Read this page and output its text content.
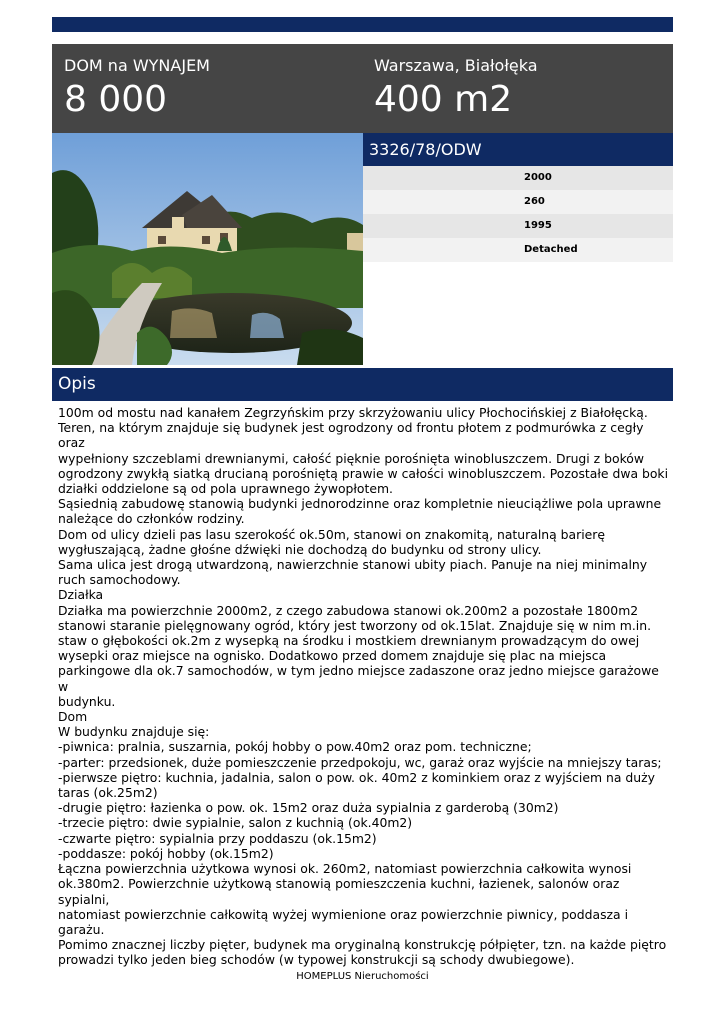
DOM na WYNAJEM
8 000
Warszawa, Białołęka
400 m2
3326/78/ODW
2000
260
1995
Detached
Opis
100m od mostu nad kanałem Zegrzyńskim przy skrzyżowaniu ulicy Płochocińskiej z Białołęcką.
Teren, na którym znajduje się budynek jest ogrodzony od frontu płotem z podmurówka z cegły oraz
wypełniony szczeblami drewnianymi, całość pięknie porośnięta winobluszczem. Drugi z boków
ogrodzony zwykłą siatką drucianą porośniętą prawie w całości winobluszczem. Pozostałe dwa boki
działki oddzielone są od pola uprawnego żywopłotem.
Sąsiednią zabudowę stanowią budynki jednorodzinne oraz kompletnie nieuciążliwe pola uprawne
należące do członków rodziny.
Dom od ulicy dzieli pas lasu szerokość ok.50m, stanowi on znakomitą, naturalną barierę
wygłuszającą, żadne głośne dźwięki nie dochodzą do budynku od strony ulicy.
Sama ulica jest drogą utwardzoną, nawierzchnie stanowi ubity piach. Panuje na niej minimalny
ruch samochodowy.
Działka
Działka ma powierzchnie 2000m2, z czego zabudowa stanowi ok.200m2 a pozostałe 1800m2
stanowi staranie pielęgnowany ogród, który jest tworzony od ok.15lat. Znajduje się w nim m.in.
staw o głębokości ok.2m z wysepką na środku i mostkiem drewnianym prowadzącym do owej
wysepki oraz miejsce na ognisko. Dodatkowo przed domem znajduje się plac na miejsca
parkingowe dla ok.7 samochodów, w tym jedno miejsce zadaszone oraz jedno miejsce garażowe w
budynku.
Dom
W budynku znajduje się:
-piwnica: pralnia, suszarnia, pokój hobby o pow.40m2 oraz pom. techniczne;
-parter: przedsionek, duże pomieszczenie przedpokoju, wc, garaż oraz wyjście na mniejszy taras;
-pierwsze piętro: kuchnia, jadalnia, salon o pow. ok. 40m2 z kominkiem oraz z wyjściem na duży
taras (ok.25m2)
-drugie piętro: łazienka o pow. ok. 15m2 oraz duża sypialnia z garderobą (30m2)
-trzecie piętro: dwie sypialnie, salon z kuchnią (ok.40m2)
-czwarte piętro: sypialnia przy poddaszu (ok.15m2)
-poddasze: pokój hobby (ok.15m2)
Łączna powierzchnia użytkowa wynosi ok. 260m2, natomiast powierzchnia całkowita wynosi
ok.380m2. Powierzchnie użytkową stanowią pomieszczenia kuchni, łazienek, salonów oraz sypialni,
natomiast powierzchnie całkowitą wyżej wymienione oraz powierzchnie piwnicy, poddasza i
garażu.
Pomimo znacznej liczby pięter, budynek ma oryginalną konstrukcję półpięter, tzn. na każde piętro
prowadzi tylko jeden bieg schodów (w typowej konstrukcji są schody dwubiegowe).
HOMEPLUS Nieruchomości
